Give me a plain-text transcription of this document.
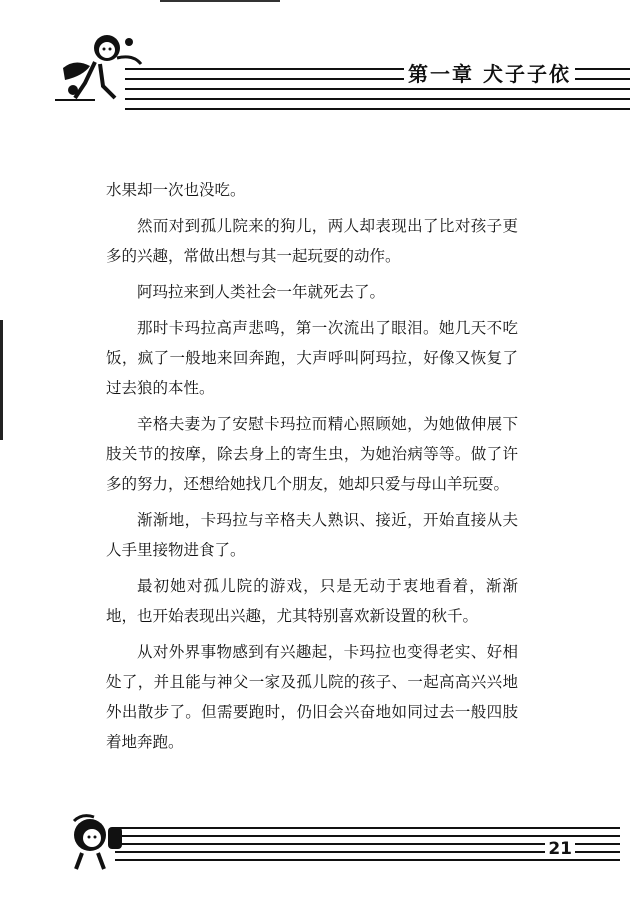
第一章 犬子子依

水果却一次也没吃。

然而对到孤儿院来的狗儿，两人却表现出了比对孩子更多的兴趣，常做出想与其一起玩耍的动作。

阿玛拉来到人类社会一年就死去了。

那时卡玛拉高声悲鸣，第一次流出了眼泪。她几天不吃饭，疯了一般地来回奔跑，大声呼叫阿玛拉，好像又恢复了过去狼的本性。

辛格夫妻为了安慰卡玛拉而精心照顾她，为她做伸展下肢关节的按摩，除去身上的寄生虫，为她治病等等。做了许多的努力，还想给她找几个朋友，她却只爱与母山羊玩耍。

渐渐地，卡玛拉与辛格夫人熟识、接近，开始直接从夫人手里接物进食了。

最初她对孤儿院的游戏，只是无动于衷地看着，渐渐地，也开始表现出兴趣，尤其特别喜欢新设置的秋千。

从对外界事物感到有兴趣起，卡玛拉也变得老实、好相处了，并且能与神父一家及孤儿院的孩子、一起高高兴兴地外出散步了。但需要跑时，仍旧会兴奋地如同过去一般四肢着地奔跑。

21
